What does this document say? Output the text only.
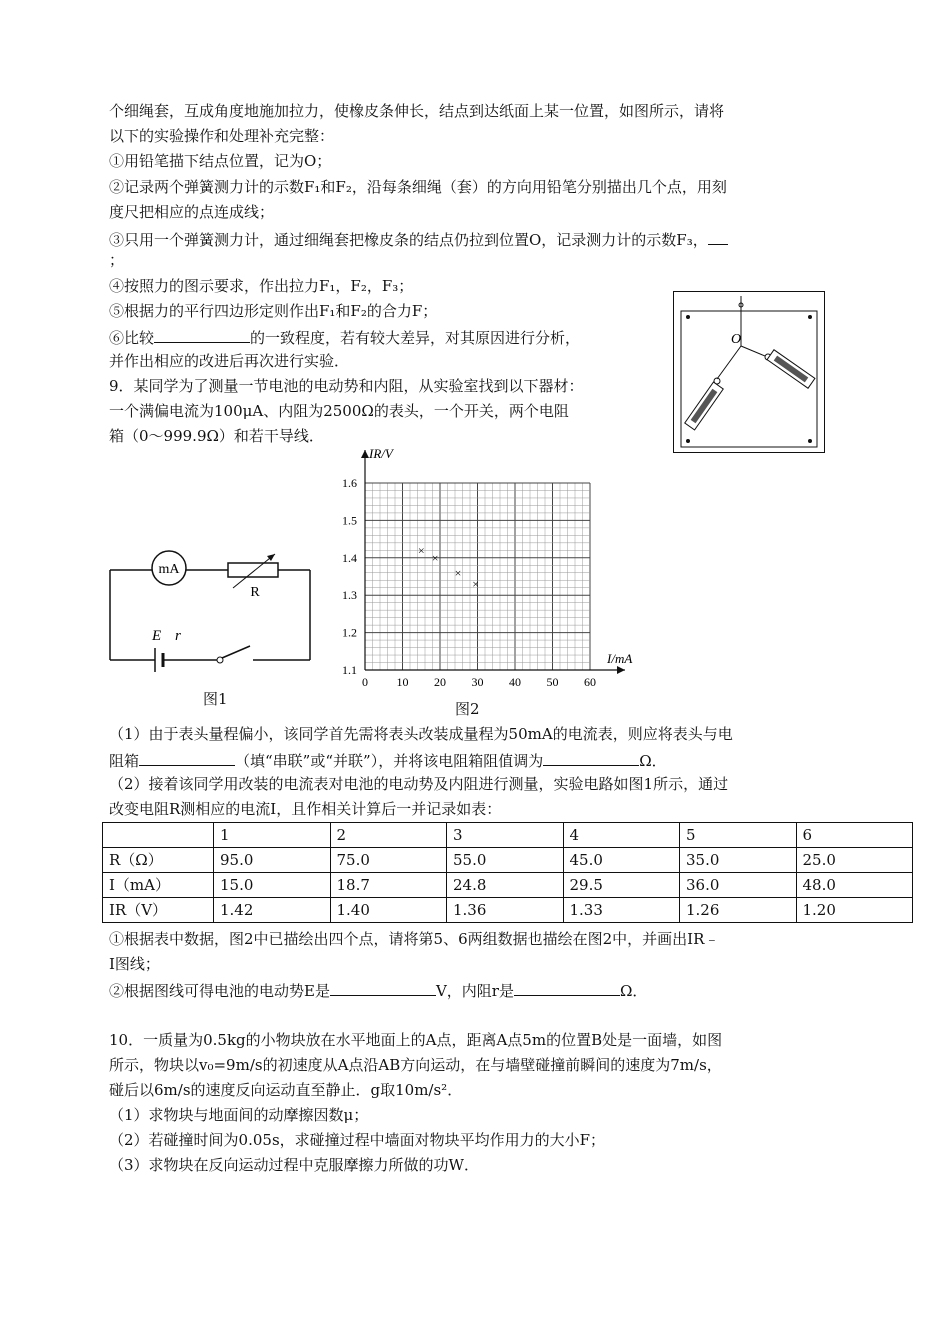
个细绳套，互成角度地施加拉力，使橡皮条伸长，结点到达纸面上某一位置，如图所示，请将
以下的实验操作和处理补充完整：
①用铅笔描下结点位置，记为O；
②记录两个弹簧测力计的示数F₁和F₂，沿每条细绳（套）的方向用铅笔分别描出几个点，用刻
度尺把相应的点连成线；
③只用一个弹簧测力计，通过细绳套把橡皮条的结点仍拉到位置O，记录测力计的示数F₃，
；
④按照力的图示要求，作出拉力F₁，F₂，F₃；
⑤根据力的平行四边形定则作出F₁和F₂的合力F；
⑥比较	的一致程度，若有较大差异，对其原因进行分析，
并作出相应的改进后再次进行实验．
9．某同学为了测量一节电池的电动势和内阻，从实验室找到以下器材：
一个满偏电流为100μA、内阻为2500Ω的表头，一个开关，两个电阻
箱（0～999.9Ω）和若干导线．
O
mA
R
E r
图1
0 10 20 30 40 50 60
1.1
1.2
1.3
1.4
1.5
1.6
×
×
×
×
IR/V
I/mA
图2
（1）由于表头量程偏小，该同学首先需将表头改装成量程为50mA的电流表，则应将表头与电
阻箱	（填“串联”或“并联”），并将该电阻箱阻值调为	Ω．
（2）接着该同学用改装的电流表对电池的电动势及内阻进行测量，实验电路如图1所示，通过
改变电阻R测相应的电流I，且作相关计算后一并记录如表：
	1	2	3	4	5	6
R（Ω）	95.0	75.0	55.0	45.0	35.0	25.0
I（mA）	15.0	18.7	24.8	29.5	36.0	48.0
IR（V）	1.42	1.40	1.36	1.33	1.26	1.20
①根据表中数据，图2中已描绘出四个点，请将第5、6两组数据也描绘在图2中，并画出IR﹣
I图线；
②根据图线可得电池的电动势E是	V，内阻r是	Ω．
10．一质量为0.5kg的小物块放在水平地面上的A点，距离A点5m的位置B处是一面墙，如图
所示，物块以v₀=9m/s的初速度从A点沿AB方向运动，在与墙壁碰撞前瞬间的速度为7m/s，
碰后以6m/s的速度反向运动直至静止．g取10m/s²．
（1）求物块与地面间的动摩擦因数μ；
（2）若碰撞时间为0.05s，求碰撞过程中墙面对物块平均作用力的大小F；
（3）求物块在反向运动过程中克服摩擦力所做的功W．
